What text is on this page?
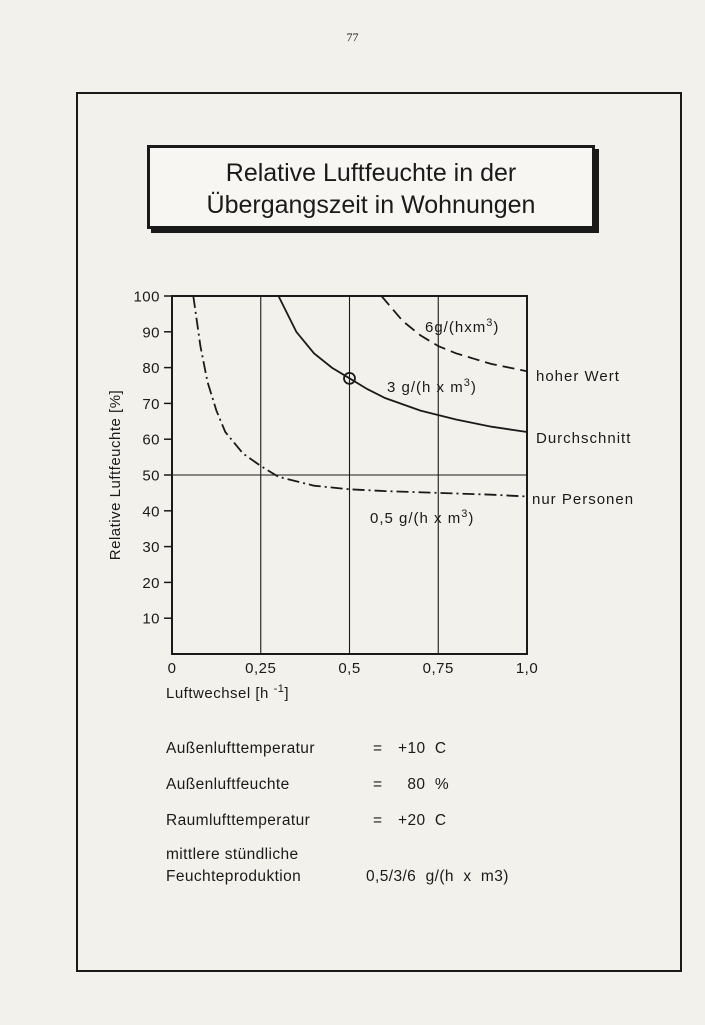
77
Relative Luftfeuchte in der
Übergangszeit in Wohnungen
10
20
30
40
50
60
70
80
90
100
0	0,25	0,5	0,75	1,0
Luftwechsel [h $^{-1}$]
Relative Luftfeuchte [%]
6g/(hxm$^3$)
hoher Wert
3 g/(h x $m^3$)
Durchschnitt
0,5 g/(h x $m^3$)
nur Personen
Außenlufttemperatur	= +10  C
Außenluftfeuchte	= 80  %
Raumlufttemperatur	= +20  C
mittlere stündliche
Feuchteproduktion	0,5/3/6  g/(h  x  m3)
